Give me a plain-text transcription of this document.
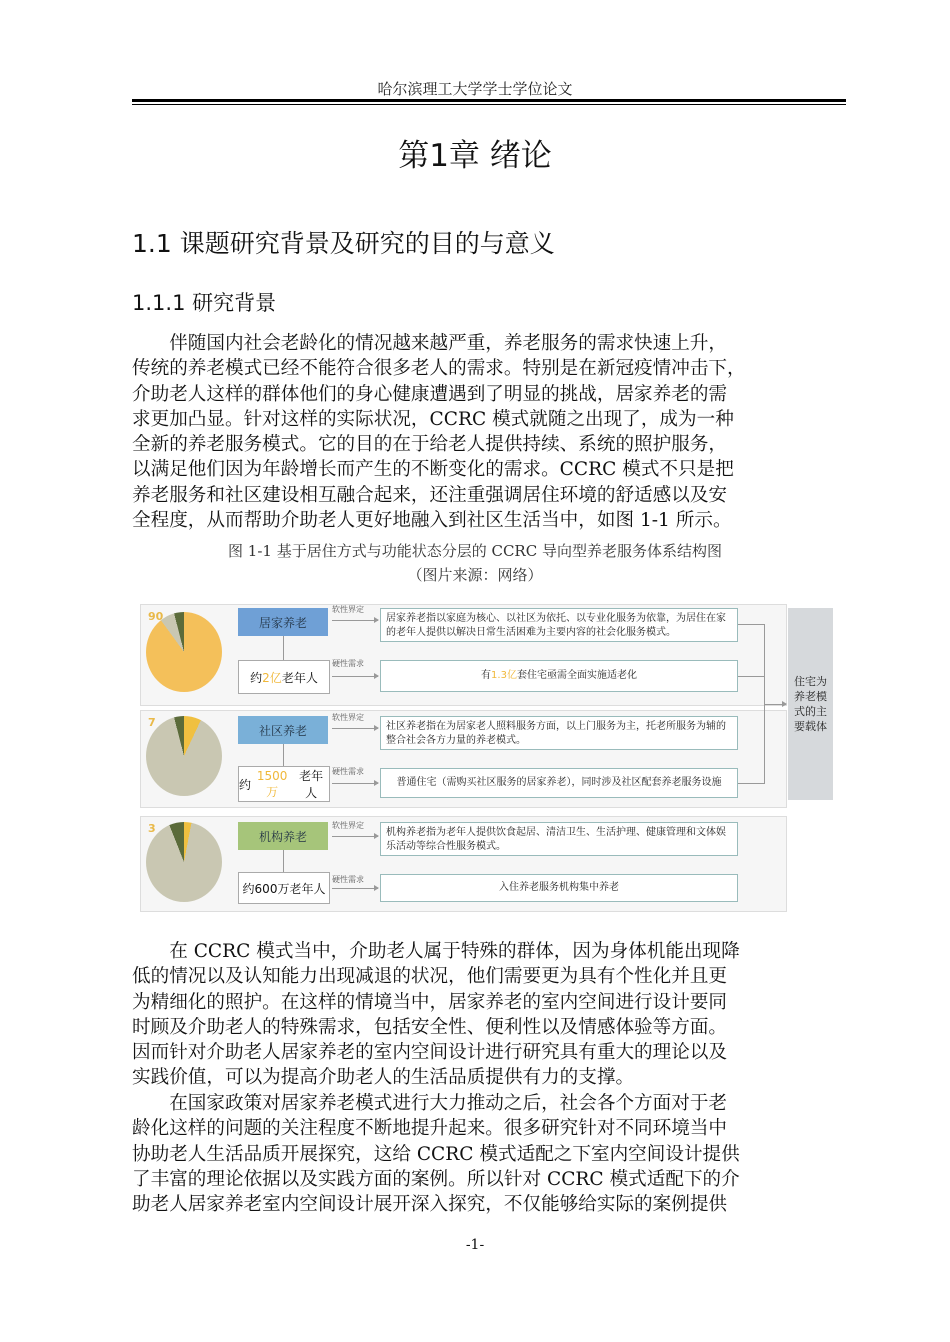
哈尔滨理工大学学士学位论文
第1章 绪论
1.1 课题研究背景及研究的目的与意义
1.1.1 研究背景
伴随国内社会老龄化的情况越来越严重，养老服务的需求快速上升，
传统的养老模式已经不能符合很多老人的需求。特别是在新冠疫情冲击下，
介助老人这样的群体他们的身心健康遭遇到了明显的挑战，居家养老的需
求更加凸显。针对这样的实际状况，CCRC 模式就随之出现了，成为一种
全新的养老服务模式。它的目的在于给老人提供持续、系统的照护服务，
以满足他们因为年龄增长而产生的不断变化的需求。CCRC 模式不只是把
养老服务和社区建设相互融合起来，还注重强调居住环境的舒适感以及安
全程度，从而帮助介助老人更好地融入到社区生活当中，如图 1-1 所示。
图 1-1 基于居住方式与功能状态分层的 CCRC 导向型养老服务体系结构图
（图片来源：网络）
90	居家养老
约 2亿 老年人
软性界定
居家养老指以家庭为核心、以社区为依托、以专业化服务为依靠，为居住在家的老年人提供以解决日常生活困难为主要内容的社会化服务模式。
硬性需求
有 1.3亿 套住宅亟需全面实施适老化
7
社区养老
约
1500万
老年人
软性界定
社区养老指在为居家老人照料服务方面，以上门服务为主，托老所服务为辅的整合社会各方力量的养老模式。
硬性需求
普通住宅（需购买社区服务的居家养老），同时涉及社区配套养老服务设施
3
机构养老
约600万老年人
软性界定
机构养老指为老年人提供饮食起居、清洁卫生、生活护理、健康管理和文体娱乐活动等综合性服务模式。
硬性需求
入住养老服务机构集中养老
住宅为养老模式的主要载体
在 CCRC 模式当中，介助老人属于特殊的群体，因为身体机能出现降
低的情况以及认知能力出现减退的状况，他们需要更为具有个性化并且更
为精细化的照护。在这样的情境当中，居家养老的室内空间进行设计要同
时顾及介助老人的特殊需求，包括安全性、便利性以及情感体验等方面。
因而针对介助老人居家养老的室内空间设计进行研究具有重大的理论以及
实践价值，可以为提高介助老人的生活品质提供有力的支撑。
在国家政策对居家养老模式进行大力推动之后，社会各个方面对于老
龄化这样的问题的关注程度不断地提升起来。很多研究针对不同环境当中
协助老人生活品质开展探究，这给 CCRC 模式适配之下室内空间设计提供
了丰富的理论依据以及实践方面的案例。所以针对 CCRC 模式适配下的介
助老人居家养老室内空间设计展开深入探究，不仅能够给实际的案例提供
-1-
